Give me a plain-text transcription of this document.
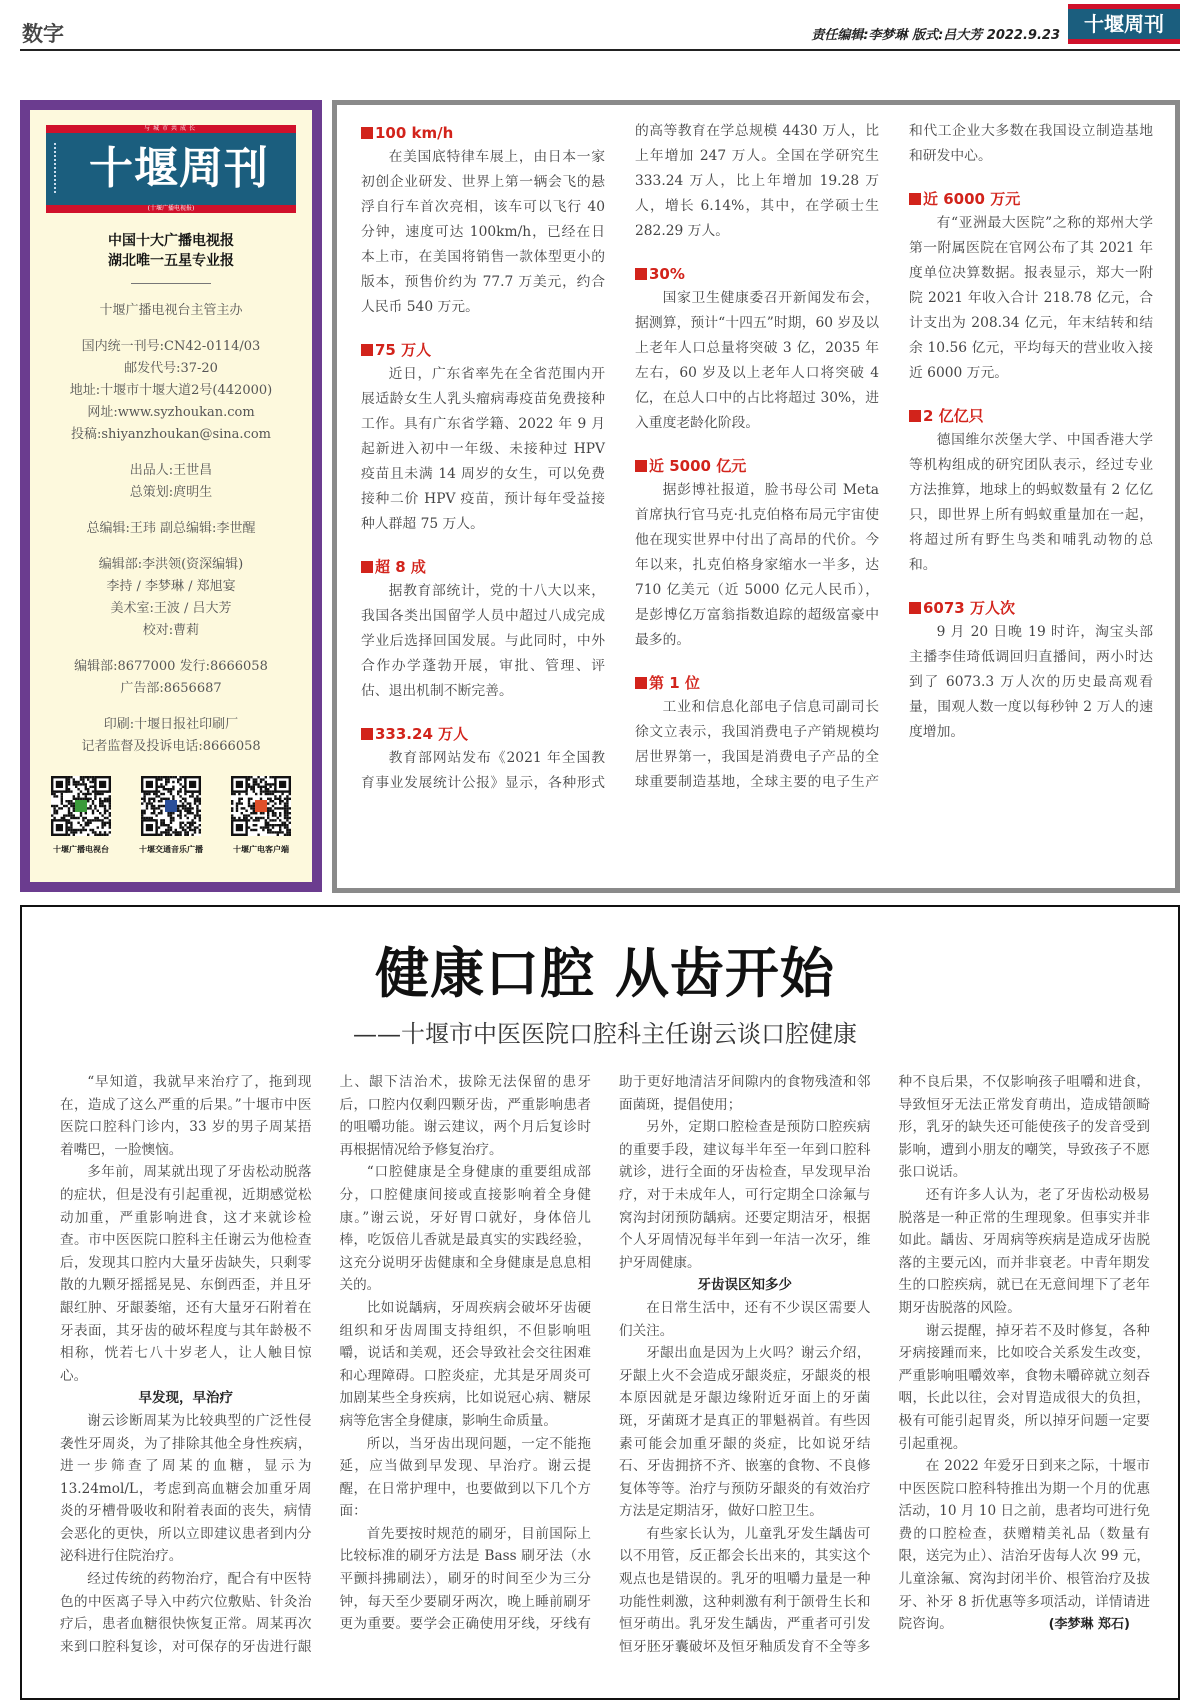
数字	责任编辑:李梦琳 版式:吕大芳 2022.9.23	十堰周刊
与城市共成长
十堰周刊
(十堰广播电视报)
中国十大广播电视报
湖北唯一五星专业报
十堰广播电视台主管主办
国内统一刊号:CN42-0114/03
邮发代号:37-20
地址:十堰市十堰大道2号(442000)
网址:www.syzhoukan.com
投稿:shiyanzhoukan@sina.com
出品人:王世昌
总策划:庹明生
总编辑:王玮 副总编辑:李世醒
编辑部:李洪领(资深编辑)
李持 / 李梦琳 / 郑旭宴
美术室:王波 / 吕大芳
校对:曹莉
编辑部:8677000 发行:8666058
广告部:8656687
印刷:十堰日报社印刷厂
记者监督及投诉电话:8666058
十堰广播电视台	十堰交通音乐广播	十堰广电客户端
100 km/h

在美国底特律车展上，由日本一家初创企业研发、世界上第一辆会飞的悬浮自行车首次亮相，该车可以飞行 40 分钟，速度可达 100km/h，已经在日本上市，在美国将销售一款体型更小的版本，预售价约为 77.7 万美元，约合人民币 540 万元。

75 万人

近日，广东省率先在全省范围内开展适龄女生人乳头瘤病毒疫苗免费接种工作。具有广东省学籍、2022 年 9 月起新进入初中一年级、未接种过 HPV 疫苗且未满 14 周岁的女生，可以免费接种二价 HPV 疫苗，预计每年受益接种人群超 75 万人。

超 8 成

据教育部统计，党的十八大以来，我国各类出国留学人员中超过八成完成学业后选择回国发展。与此同时，中外合作办学蓬勃开展，审批、管理、评估、退出机制不断完善。

333.24 万人

教育部网站发布《2021 年全国教育事业发展统计公报》显示，各种形式的高等教育在学总规模 4430 万人，比上年增加 247 万人。全国在学研究生 333.24 万人，比上年增加 19.28 万人，增长 6.14%，其中，在学硕士生 282.29 万人。

30%

国家卫生健康委召开新闻发布会，据测算，预计“十四五”时期，60 岁及以上老年人口总量将突破 3 亿，2035 年左右，60 岁及以上老年人口将突破 4 亿，在总人口中的占比将超过 30%，进入重度老龄化阶段。

近 5000 亿元

据彭博社报道，脸书母公司 Meta 首席执行官马克·扎克伯格布局元宇宙使他在现实世界中付出了高昂的代价。今年以来，扎克伯格身家缩水一半多，达 710 亿美元（近 5000 亿元人民币），是彭博亿万富翁指数追踪的超级富豪中最多的。

第 1 位

工业和信息化部电子信息司副司长徐文立表示，我国消费电子产销规模均居世界第一，我国是消费电子产品的全球重要制造基地，全球主要的电子生产和代工企业大多数在我国设立制造基地和研发中心。

近 6000 万元

有“亚洲最大医院”之称的郑州大学第一附属医院在官网公布了其 2021 年度单位决算数据。报表显示，郑大一附院 2021 年收入合计 218.78 亿元，合计支出为 208.34 亿元，年末结转和结余 10.56 亿元，平均每天的营业收入接近 6000 万元。

2 亿亿只

德国维尔茨堡大学、中国香港大学等机构组成的研究团队表示，经过专业方法推算，地球上的蚂蚁数量有 2 亿亿只，即世界上所有蚂蚁重量加在一起，将超过所有野生鸟类和哺乳动物的总和。

6073 万人次

9 月 20 日晚 19 时许，淘宝头部主播李佳琦低调回归直播间，两小时达到了 6073.3 万人次的历史最高观看量，围观人数一度以每秒钟 2 万人的速度增加。

健康口腔 从齿开始
——十堰市中医医院口腔科主任谢云谈口腔健康

“早知道，我就早来治疗了，拖到现在，造成了这么严重的后果。”十堰市中医医院口腔科门诊内，33 岁的男子周某捂着嘴巴，一脸懊恼。

多年前，周某就出现了牙齿松动脱落的症状，但是没有引起重视，近期感觉松动加重，严重影响进食，这才来就诊检查。市中医医院口腔科主任谢云为他检查后，发现其口腔内大量牙齿缺失，只剩零散的九颗牙摇摇晃晃、东倒西歪，并且牙龈红肿、牙龈萎缩，还有大量牙石附着在牙表面，其牙齿的破坏程度与其年龄极不相称，恍若七八十岁老人，让人触目惊心。

早发现，早治疗

谢云诊断周某为比较典型的广泛性侵袭性牙周炎，为了排除其他全身性疾病，进一步筛查了周某的血糖，显示为 13.24mol/L，考虑到高血糖会加重牙周炎的牙槽骨吸收和附着表面的丧失，病情会恶化的更快，所以立即建议患者到内分泌科进行住院治疗。

经过传统的药物治疗，配合有中医特色的中医离子导入中药穴位敷贴、针灸治疗后，患者血糖很快恢复正常。周某再次来到口腔科复诊，对可保存的牙齿进行龈上、龈下洁治术，拔除无法保留的患牙后，口腔内仅剩四颗牙齿，严重影响患者的咀嚼功能。谢云建议，两个月后复诊时再根据情况给予修复治疗。

“口腔健康是全身健康的重要组成部分，口腔健康间接或直接影响着全身健康。”谢云说，牙好胃口就好，身体倍儿棒，吃饭倍儿香就是最真实的实践经验，这充分说明牙齿健康和全身健康是息息相关的。

比如说龋病，牙周疾病会破坏牙齿硬组织和牙齿周围支持组织，不但影响咀嚼，说话和美观，还会导致社会交往困难和心理障碍。口腔炎症，尤其是牙周炎可加剧某些全身疾病，比如说冠心病、糖尿病等危害全身健康，影响生命质量。

所以，当牙齿出现问题，一定不能拖延，应当做到早发现、早治疗。谢云提醒，在日常护理中，也要做到以下几个方面：

首先要按时规范的刷牙，目前国际上比较标准的刷牙方法是 Bass 刷牙法（水平颤抖拂刷法），刷牙的时间至少为三分钟，每天至少要刷牙两次，晚上睡前刷牙更为重要。要学会正确使用牙线，牙线有助于更好地清洁牙间隙内的食物残渣和邻面菌斑，提倡使用；

另外，定期口腔检查是预防口腔疾病的重要手段，建议每半年至一年到口腔科就诊，进行全面的牙齿检查，早发现早治疗，对于未成年人，可行定期全口涂氟与窝沟封闭预防龋病。还要定期洁牙，根据个人牙周情况每半年到一年洁一次牙，维护牙周健康。

牙齿误区知多少

在日常生活中，还有不少误区需要人们关注。

牙龈出血是因为上火吗？谢云介绍，牙龈上火不会造成牙龈炎症，牙龈炎的根本原因就是牙龈边缘附近牙面上的牙菌斑，牙菌斑才是真正的罪魁祸首。有些因素可能会加重牙龈的炎症，比如说牙结石、牙齿拥挤不齐、嵌塞的食物、不良修复体等等。治疗与预防牙龈炎的有效治疗方法是定期洁牙，做好口腔卫生。

有些家长认为，儿童乳牙发生龋齿可以不用管，反正都会长出来的，其实这个观点也是错误的。乳牙的咀嚼力量是一种功能性刺激，这种刺激有利于颌骨生长和恒牙萌出。乳牙发生龋齿，严重者可引发恒牙胚牙囊破坏及恒牙釉质发育不全等多种不良后果，不仅影响孩子咀嚼和进食，导致恒牙无法正常发育萌出，造成错颌畸形，乳牙的缺失还可能使孩子的发音受到影响，遭到小朋友的嘲笑，导致孩子不愿张口说话。

还有许多人认为，老了牙齿松动极易脱落是一种正常的生理现象。但事实并非如此。龋齿、牙周病等疾病是造成牙齿脱落的主要元凶，而并非衰老。中青年期发生的口腔疾病，就已在无意间埋下了老年期牙齿脱落的风险。

谢云提醒，掉牙若不及时修复，各种牙病接踵而来，比如咬合关系发生改变，严重影响咀嚼效率，食物未嚼碎就立刻吞咽，长此以往，会对胃造成很大的负担，极有可能引起胃炎，所以掉牙问题一定要引起重视。

在 2022 年爱牙日到来之际，十堰市中医医院口腔科特推出为期一个月的优惠活动，10 月 10 日之前，患者均可进行免费的口腔检查，获赠精美礼品（数量有限，送完为止）、洁治牙齿每人次 99 元，儿童涂氟、窝沟封闭半价、根管治疗及拔牙、补牙 8 折优惠等多项活动，详情请进院咨询。	(李梦琳 郑石)
